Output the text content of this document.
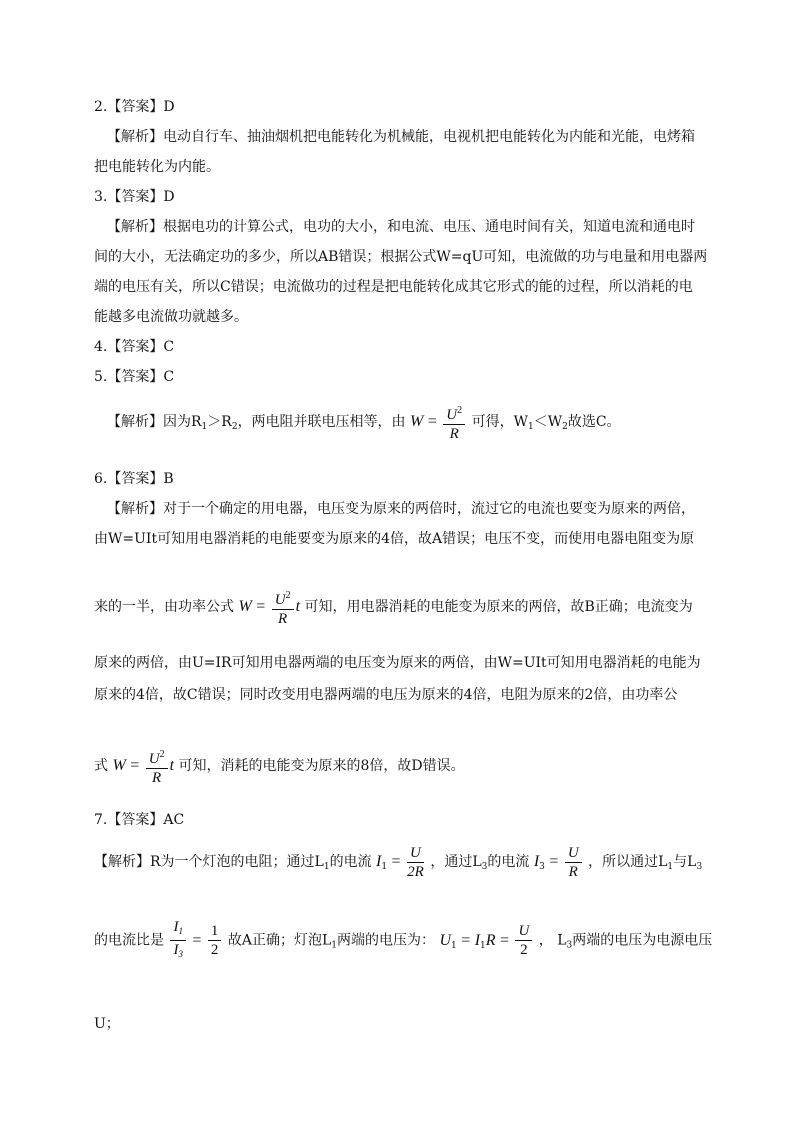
2.【答案】D
【解析】电动自行车、抽油烟机把电能转化为机械能，电视机把电能转化为内能和光能，电烤箱
把电能转化为内能。
3.【答案】D
【解析】根据电功的计算公式，电功的大小，和电流、电压、通电时间有关，知道电流和通电时
间的大小，无法确定功的多少，所以AB错误；根据公式W=qU可知，电流做的功与电量和用电器两
端的电压有关，所以C错误；电流做功的过程是把电能转化成其它形式的能的过程，所以消耗的电
能越多电流做功就越多。
4.【答案】C
5.【答案】C
【解析】因为$R_1>R_2$，两电阻并联电压相等，由 $W = \frac{U^2}{R}$ 可得，$W_1<W_2$故选C。
6.【答案】B
【解析】对于一个确定的用电器，电压变为原来的两倍时，流过它的电流也要变为原来的两倍，
由W=UIt可知用电器消耗的电能要变为原来的4倍，故A错误；电压不变，而使用电器电阻变为原
来的一半，由功率公式 $W = \frac{U^2}{R}$ t 可知，用电器消耗的电能变为原来的两倍，故B正确；电流变为
原来的两倍，由U=IR可知用电器两端的电压变为原来的两倍，由W=UIt可知用电器消耗的电能为
原来的4倍，故C错误；同时改变用电器两端的电压为原来的4倍，电阻为原来的2倍，由功率公
式 $W = \frac{U^2}{R}$ t 可知，消耗的电能变为原来的8倍，故D错误。
7.【答案】AC
【解析】R为一个灯泡的电阻；通过$L_1$的电流 $I_1 = \frac{U}{2R}$ ，通过$L_3$的电流 $I_3 = \frac{U}{R}$ ，所以通过$L_1$与$L_3$
的电流比是 $\frac{I_1}{I_3} = \frac{1}{2}$ 故A正确；灯泡$L_1$两端的电压为： $U_1 = I_1R = \frac{U}{2}$ ， $L_3$两端的电压为电源电压
U；
